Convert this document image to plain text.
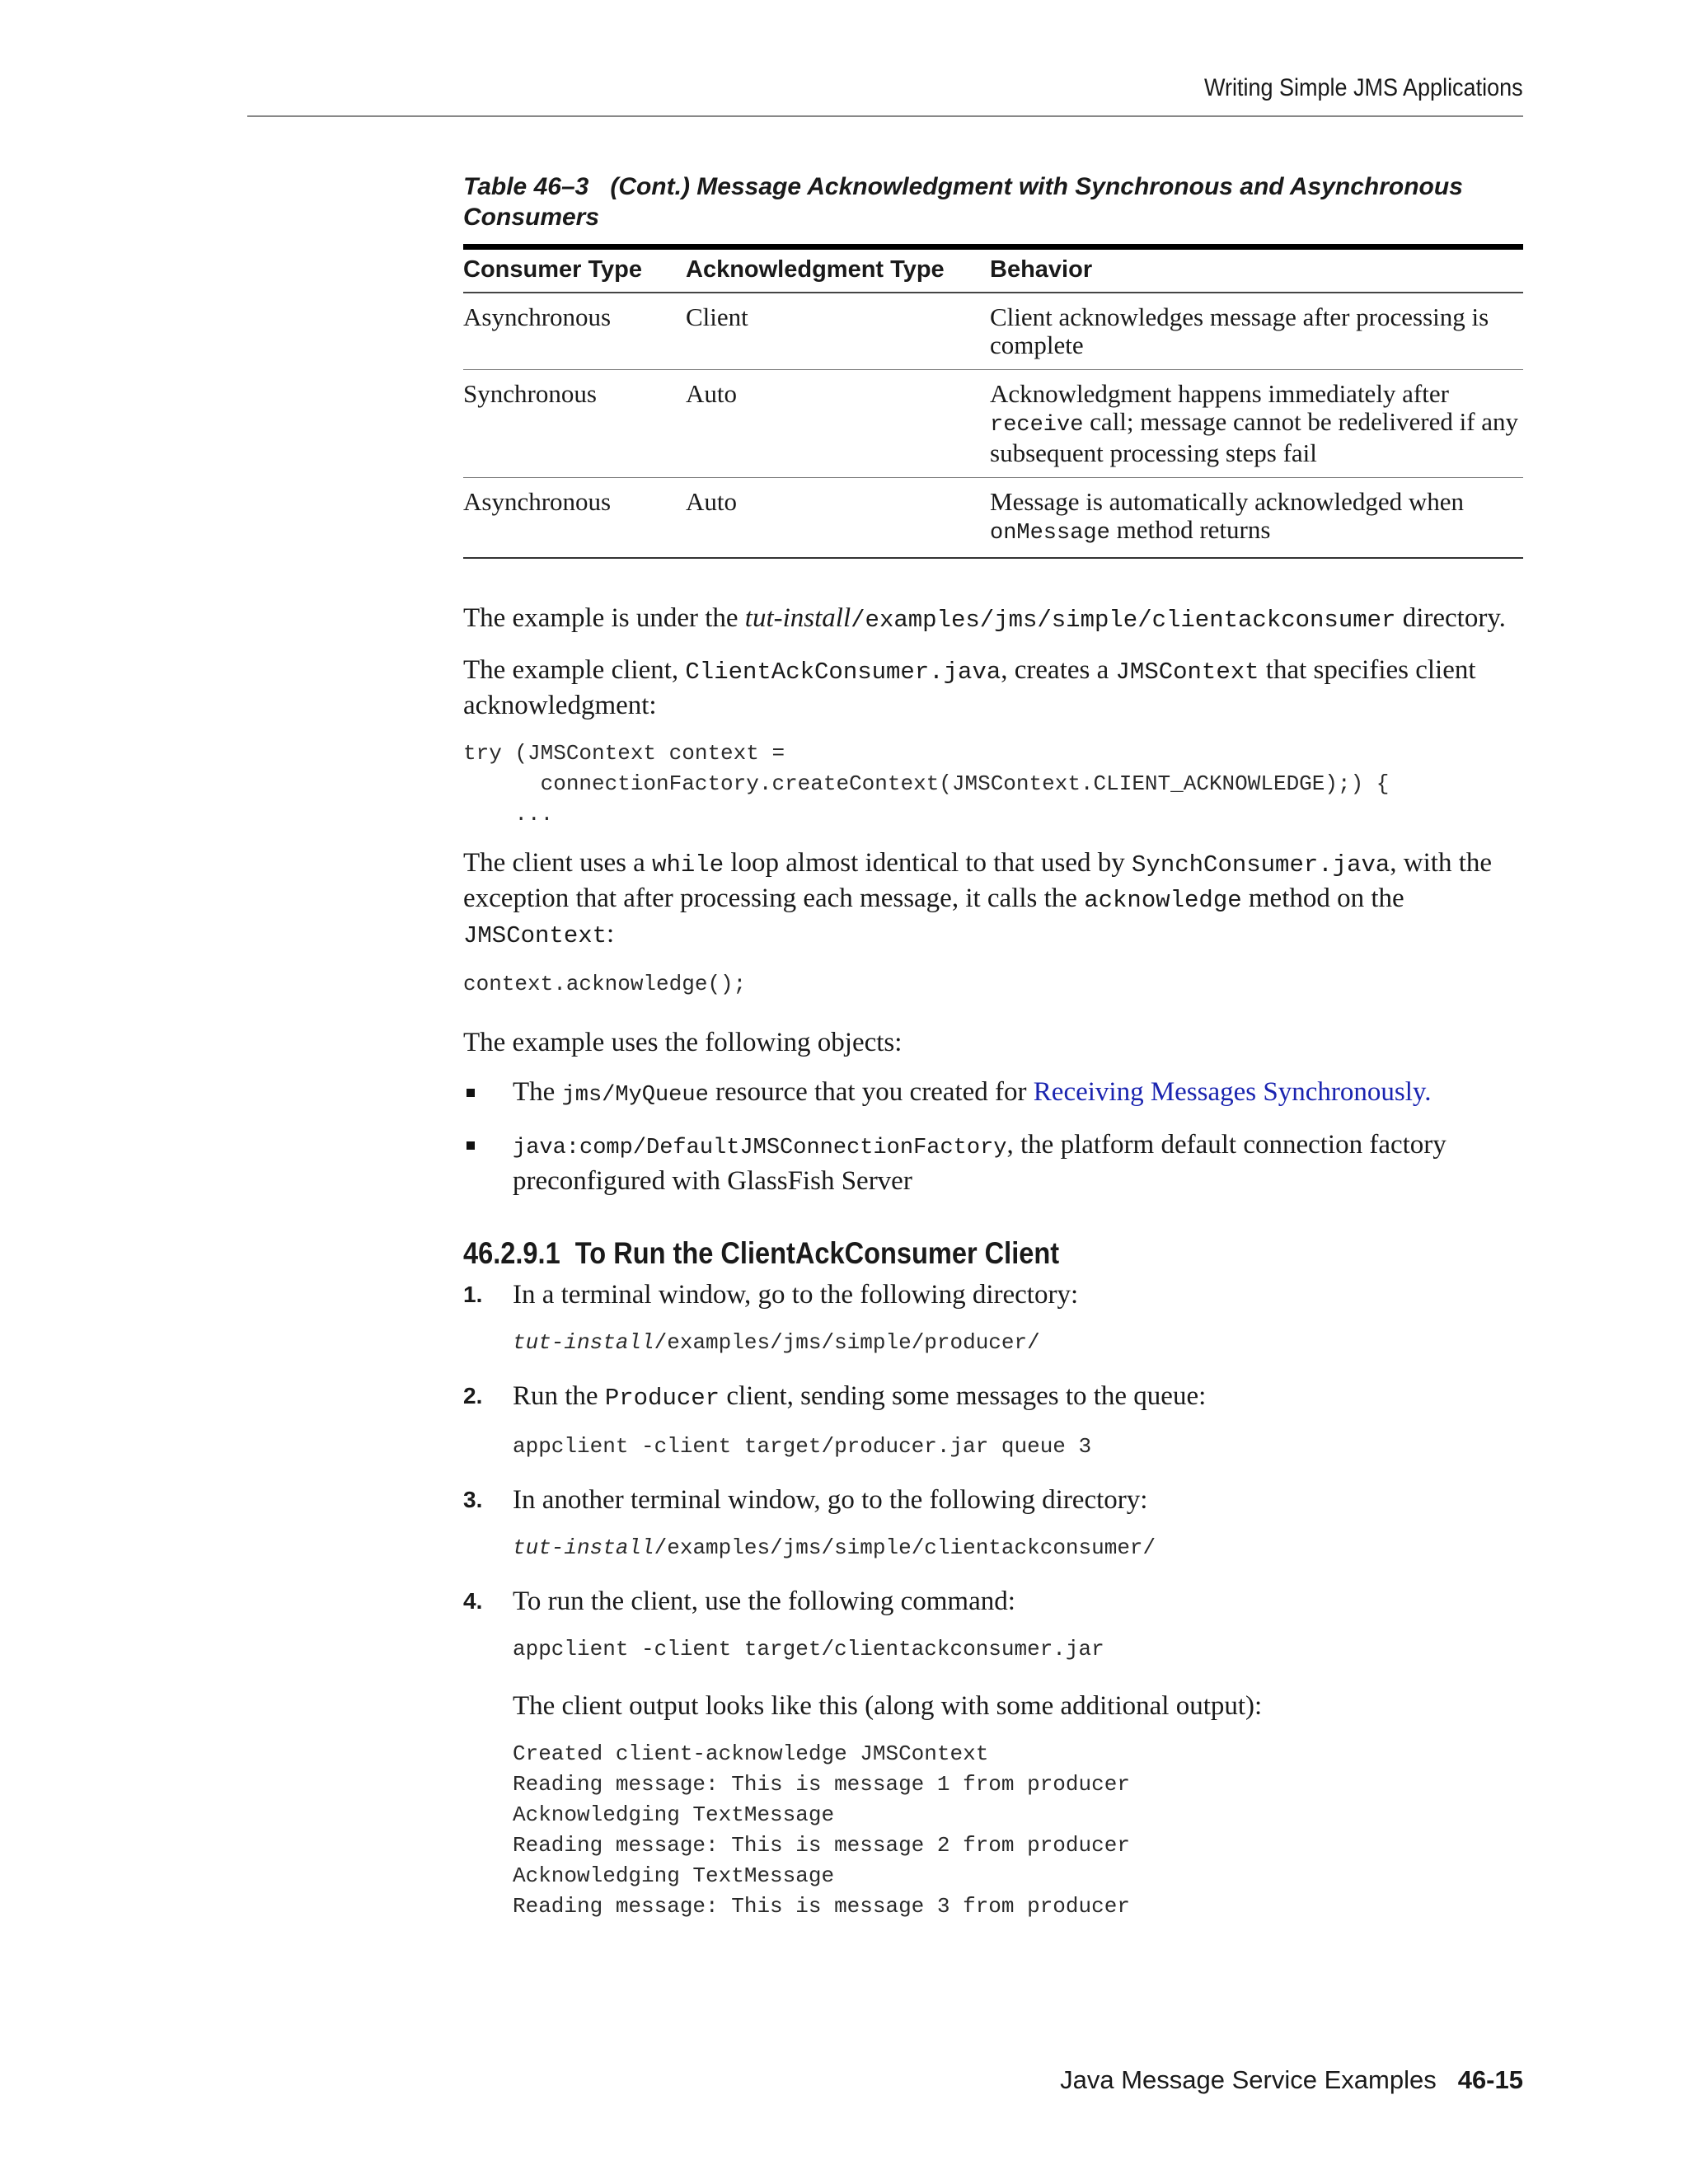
Writing Simple JMS Applications
Table 46–3 (Cont.) Message Acknowledgment with Synchronous and Asynchronous Consumers
Consumer Type	Acknowledgment Type	Behavior
Asynchronous	Client	Client acknowledges message after processing is complete
Synchronous	Auto	Acknowledgment happens immediately after receive call; message cannot be redelivered if any subsequent processing steps fail
Asynchronous	Auto	Message is automatically acknowledged when onMessage method returns

The example is under the tut-install/examples/jms/simple/clientackconsumer directory.

The example client, ClientAckConsumer.java, creates a JMSContext that specifies client acknowledgment:

try (JMSContext context =
connectionFactory.createContext(JMSContext.CLIENT_ACKNOWLEDGE);) {
...

The client uses a while loop almost identical to that used by SynchConsumer.java, with the exception that after processing each message, it calls the acknowledge method on the JMSContext:

context.acknowledge();

The example uses the following objects:

The jms/MyQueue resource that you created for Receiving Messages Synchronously.
java:comp/DefaultJMSConnectionFactory, the platform default connection factory preconfigured with GlassFish Server
46.2.9.1 To Run the ClientAckConsumer Client
1. In a terminal window, go to the following directory:
tut-install/examples/jms/simple/producer/
2. Run the Producer client, sending some messages to the queue:
appclient -client target/producer.jar queue 3
3. In another terminal window, go to the following directory:
tut-install/examples/jms/simple/clientackconsumer/
4. To run the client, use the following command:
appclient -client target/clientackconsumer.jar
The client output looks like this (along with some additional output):
Created client-acknowledge JMSContext
Reading message: This is message 1 from producer
Acknowledging TextMessage
Reading message: This is message 2 from producer
Acknowledging TextMessage
Reading message: This is message 3 from producer
Java Message Service Examples 46-15
